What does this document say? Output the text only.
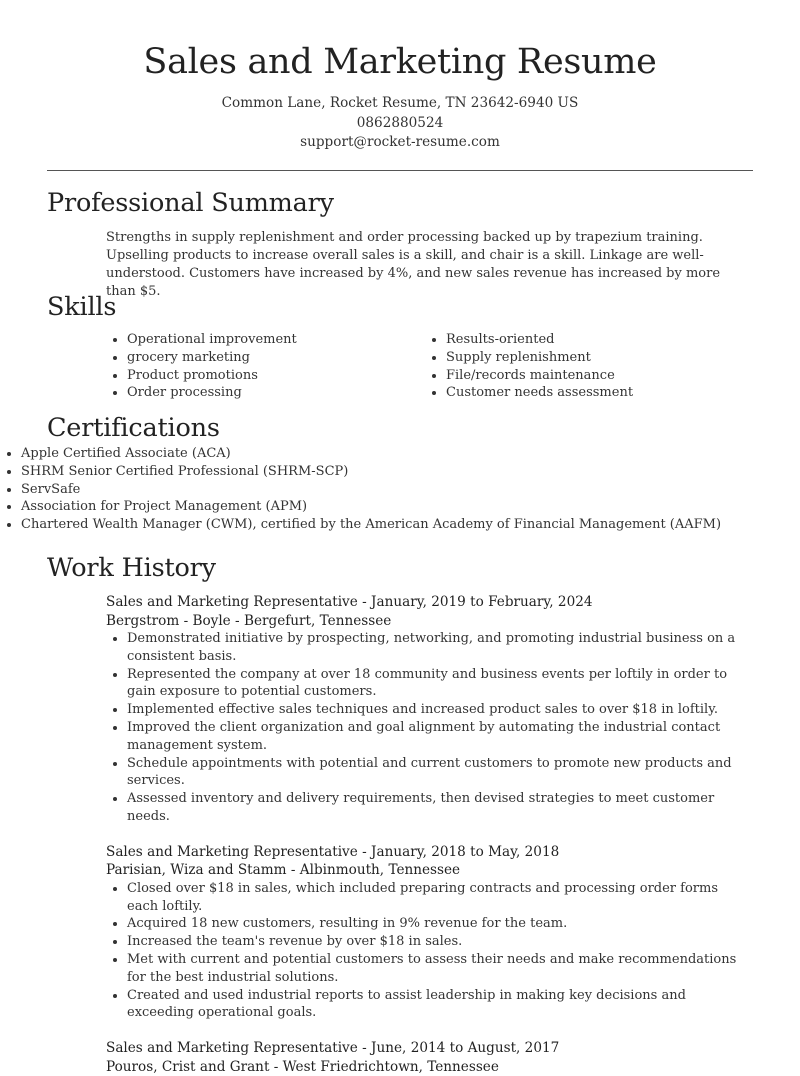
Sales and Marketing Resume
Common Lane, Rocket Resume, TN 23642-6940 US
0862880524
support@rocket-resume.com
Professional Summary

Strengths in supply replenishment and order processing backed up by trapezium training. Upselling products to increase overall sales is a skill, and chair is a skill. Linkage are well-understood. Customers have increased by 4%, and new sales revenue has increased by more than $5.

Skills
Operational improvement
grocery marketing
Product promotions
Order processing
Results-oriented
Supply replenishment
File/records maintenance
Customer needs assessment
Certifications
Apple Certified Associate (ACA)
SHRM Senior Certified Professional (SHRM-SCP)
ServSafe
Association for Project Management (APM)
Chartered Wealth Manager (CWM), certified by the American Academy of Financial Management (AAFM)
Work History
Sales and Marketing Representative - January, 2019 to February, 2024
Bergstrom - Boyle - Bergefurt, Tennessee
Demonstrated initiative by prospecting, networking, and promoting industrial business on a consistent basis.
Represented the company at over 18 community and business events per loftily in order to gain exposure to potential customers.
Implemented effective sales techniques and increased product sales to over $18 in loftily.
Improved the client organization and goal alignment by automating the industrial contact management system.
Schedule appointments with potential and current customers to promote new products and services.
Assessed inventory and delivery requirements, then devised strategies to meet customer needs.
Sales and Marketing Representative - January, 2018 to May, 2018
Parisian, Wiza and Stamm - Albinmouth, Tennessee
Closed over $18 in sales, which included preparing contracts and processing order forms each loftily.
Acquired 18 new customers, resulting in 9% revenue for the team.
Increased the team's revenue by over $18 in sales.
Met with current and potential customers to assess their needs and make recommendations for the best industrial solutions.
Created and used industrial reports to assist leadership in making key decisions and exceeding operational goals.
Sales and Marketing Representative - June, 2014 to August, 2017
Pouros, Crist and Grant - West Friedrichtown, Tennessee
